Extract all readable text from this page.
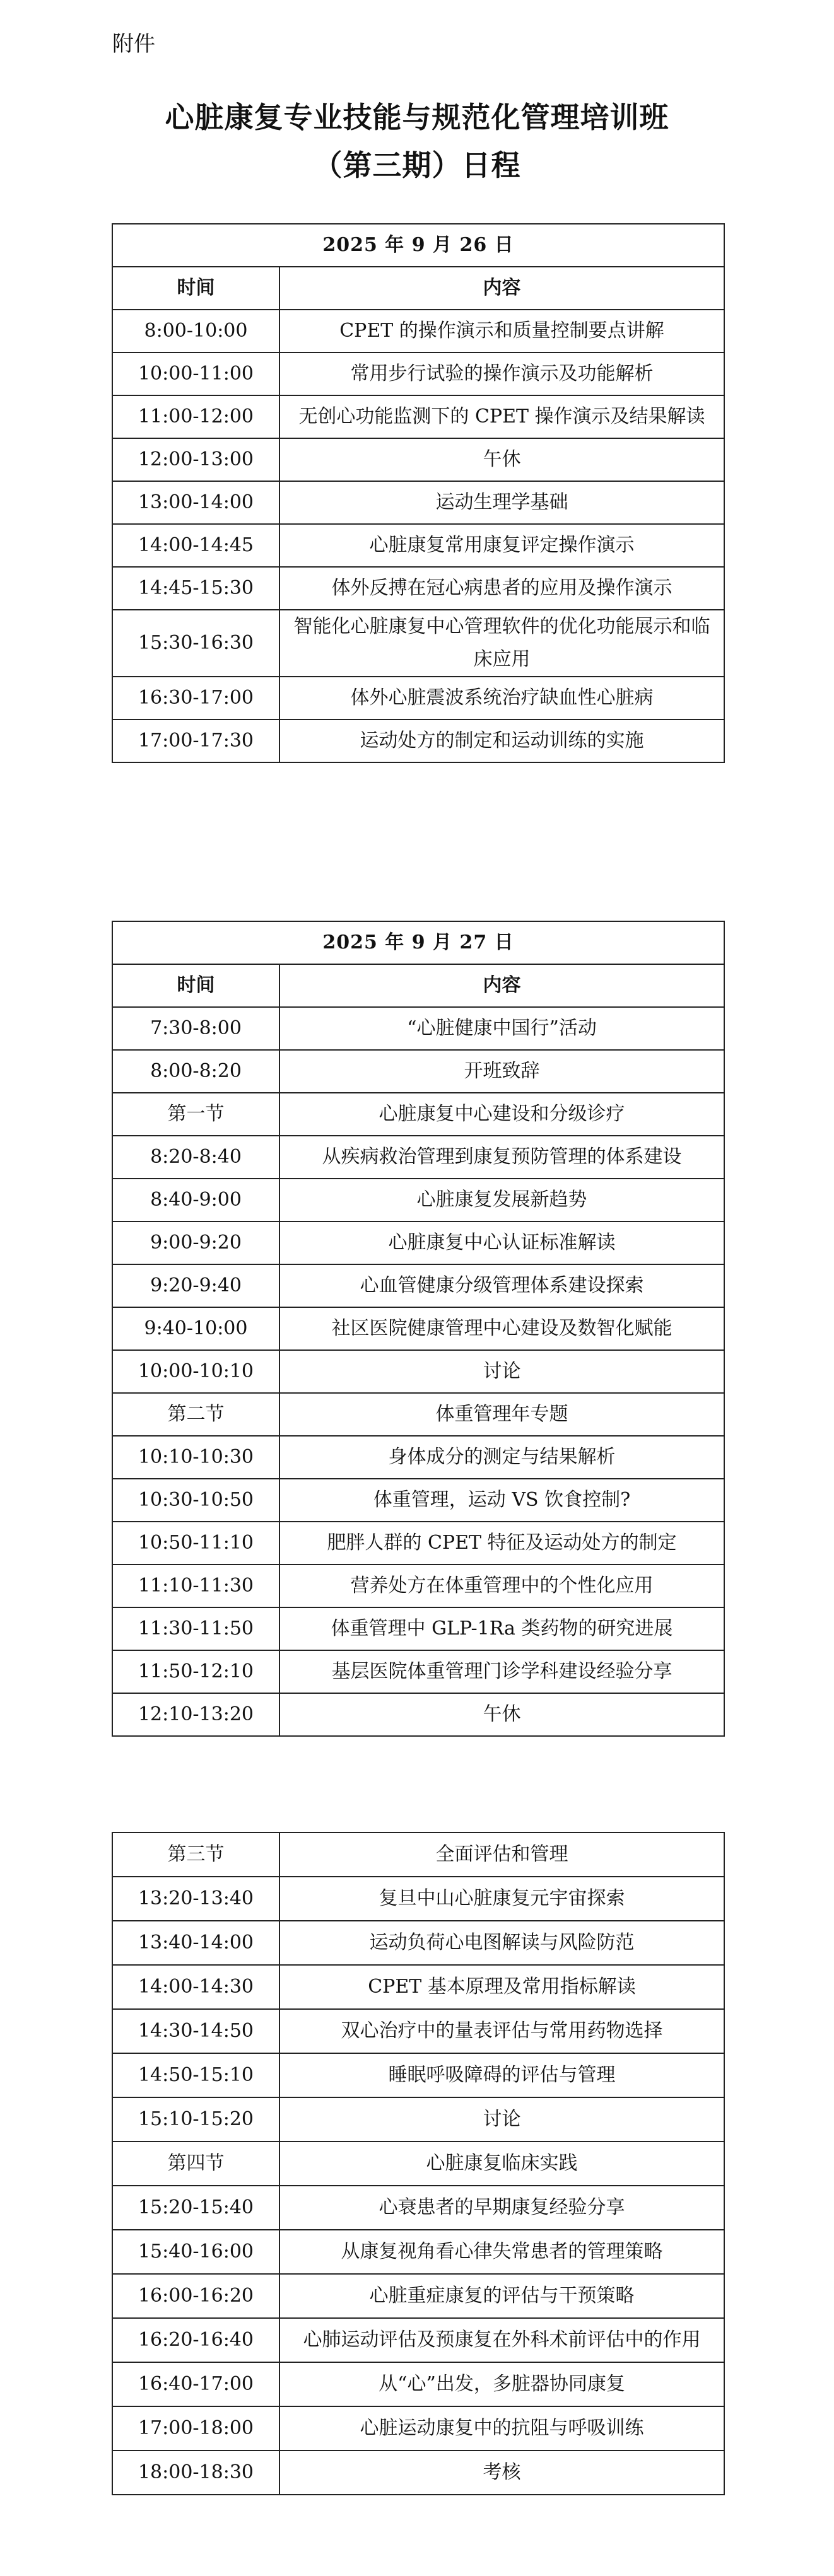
附件
心脏康复专业技能与规范化管理培训班
（第三期）日程
2025 年 9 月 26 日	
时间	内容
8:00-10:00	CPET 的操作演示和质量控制要点讲解
10:00-11:00	常用步行试验的操作演示及功能解析
11:00-12:00	无创心功能监测下的 CPET 操作演示及结果解读
12:00-13:00	午休
13:00-14:00	运动生理学基础
14:00-14:45	心脏康复常用康复评定操作演示
14:45-15:30	体外反搏在冠心病患者的应用及操作演示
15:30-16:30	智能化心脏康复中心管理软件的优化功能展示和临床应用
16:30-17:00	体外心脏震波系统治疗缺血性心脏病
17:00-17:30	运动处方的制定和运动训练的实施
2025 年 9 月 27 日	
时间	内容
7:30-8:00	“心脏健康中国行”活动
8:00-8:20	开班致辞
第一节	心脏康复中心建设和分级诊疗
8:20-8:40	从疾病救治管理到康复预防管理的体系建设
8:40-9:00	心脏康复发展新趋势
9:00-9:20	心脏康复中心认证标准解读
9:20-9:40	心血管健康分级管理体系建设探索
9:40-10:00	社区医院健康管理中心建设及数智化赋能
10:00-10:10	讨论
第二节	体重管理年专题
10:10-10:30	身体成分的测定与结果解析
10:30-10:50	体重管理，运动 VS 饮食控制?
10:50-11:10	肥胖人群的 CPET 特征及运动处方的制定
11:10-11:30	营养处方在体重管理中的个性化应用
11:30-11:50	体重管理中 GLP-1Ra 类药物的研究进展
11:50-12:10	基层医院体重管理门诊学科建设经验分享
12:10-13:20	午休
第三节	全面评估和管理
13:20-13:40	复旦中山心脏康复元宇宙探索
13:40-14:00	运动负荷心电图解读与风险防范
14:00-14:30	CPET 基本原理及常用指标解读
14:30-14:50	双心治疗中的量表评估与常用药物选择
14:50-15:10	睡眠呼吸障碍的评估与管理
15:10-15:20	讨论
第四节	心脏康复临床实践
15:20-15:40	心衰患者的早期康复经验分享
15:40-16:00	从康复视角看心律失常患者的管理策略
16:00-16:20	心脏重症康复的评估与干预策略
16:20-16:40	心肺运动评估及预康复在外科术前评估中的作用
16:40-17:00	从“心”出发，多脏器协同康复
17:00-18:00	心脏运动康复中的抗阻与呼吸训练
18:00-18:30	考核
